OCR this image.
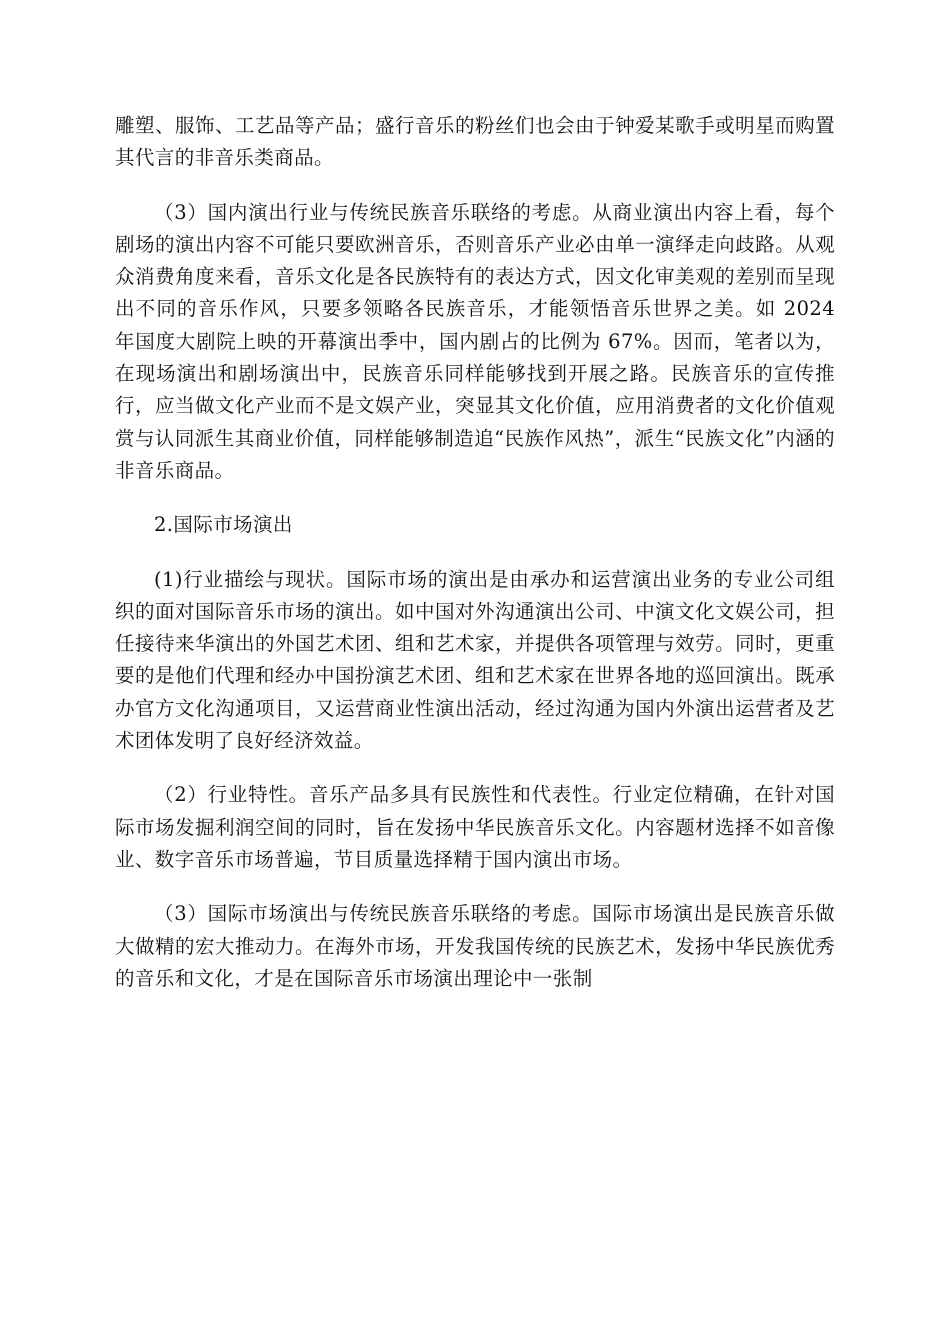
雕塑、服饰、工艺品等产品；盛行音乐的粉丝们也会由于钟爱某歌手或明星而购置其代言的非音乐类商品。

（3）国内演出行业与传统民族音乐联络的考虑。从商业演出内容上看，每个剧场的演出内容不可能只要欧洲音乐，否则音乐产业必由单一演绎走向歧路。从观众消费角度来看，音乐文化是各民族特有的表达方式，因文化审美观的差别而呈现出不同的音乐作风，只要多领略各民族音乐，才能领悟音乐世界之美。如 2024 年国度大剧院上映的开幕演出季中，国内剧占的比例为 67%。因而，笔者以为，在现场演出和剧场演出中，民族音乐同样能够找到开展之路。民族音乐的宣传推行，应当做文化产业而不是文娱产业，突显其文化价值，应用消费者的文化价值观赏与认同派生其商业价值，同样能够制造追“民族作风热”，派生“民族文化”内涵的非音乐商品。

2.国际市场演出

(1)行业描绘与现状。国际市场的演出是由承办和运营演出业务的专业公司组织的面对国际音乐市场的演出。如中国对外沟通演出公司、中演文化文娱公司，担任接待来华演出的外国艺术团、组和艺术家，并提供各项管理与效劳。同时，更重要的是他们代理和经办中国扮演艺术团、组和艺术家在世界各地的巡回演出。既承办官方文化沟通项目，又运营商业性演出活动，经过沟通为国内外演出运营者及艺术团体发明了良好经济效益。

（2）行业特性。音乐产品多具有民族性和代表性。行业定位精确，在针对国际市场发掘利润空间的同时，旨在发扬中华民族音乐文化。内容题材选择不如音像业、数字音乐市场普遍，节目质量选择精于国内演出市场。

（3）国际市场演出与传统民族音乐联络的考虑。国际市场演出是民族音乐做大做精的宏大推动力。在海外市场，开发我国传统的民族艺术，发扬中华民族优秀的音乐和文化，才是在国际音乐市场演出理论中一张制
